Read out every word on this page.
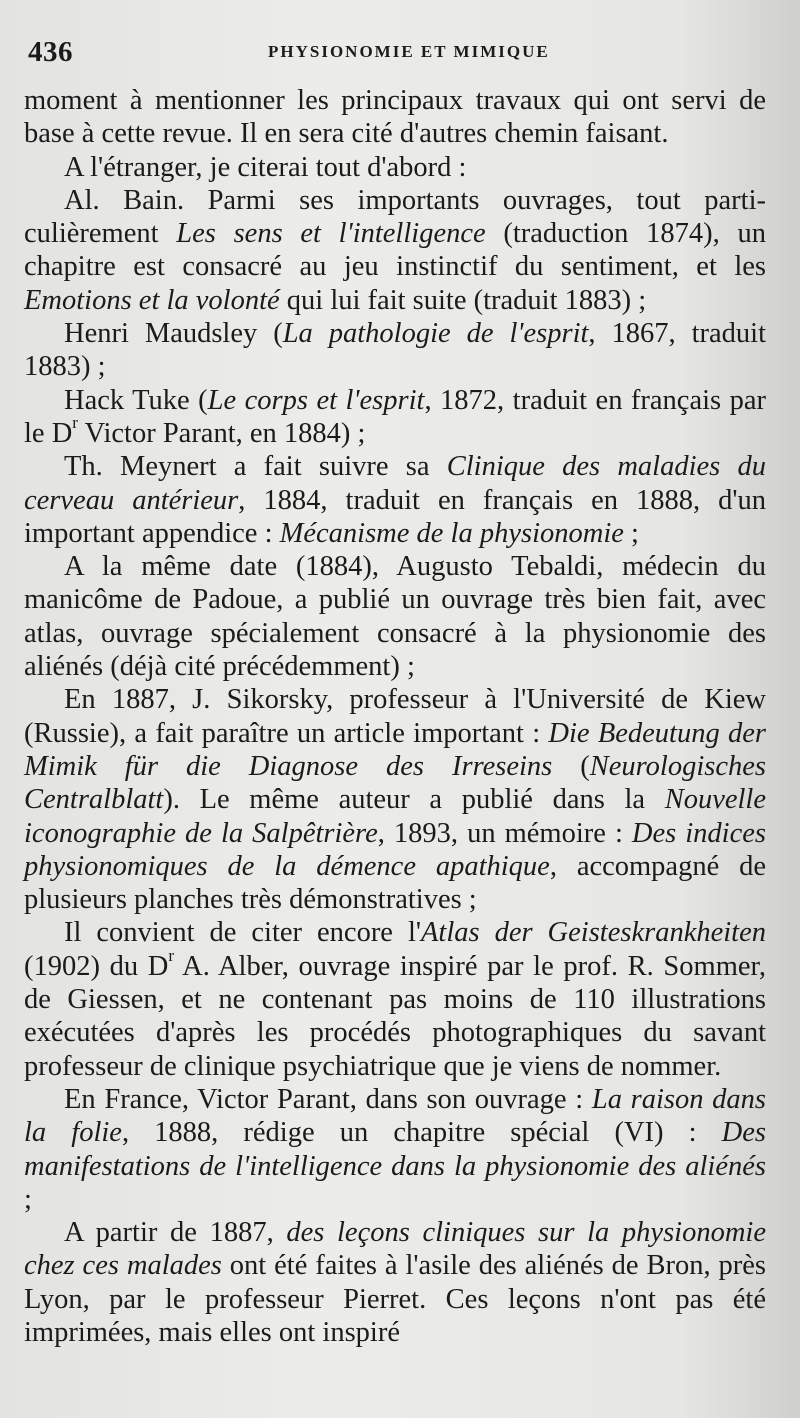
436	PHYSIONOMIE ET MIMIQUE

moment à mentionner les principaux travaux qui ont servi de base à cette revue. Il en sera cité d'autres chemin faisant.

A l'étranger, je citerai tout d'abord :

Al. Bain. Parmi ses importants ouvrages, tout particulièrement Les sens et l'intelligence (traduction 1874), un chapitre est consacré au jeu instinctif du sentiment, et les Emotions et la volonté qui lui fait suite (traduit 1883) ;

Henri Maudsley (La pathologie de l'esprit, 1867, traduit 1883) ;

Hack Tuke (Le corps et l'esprit, 1872, traduit en français par le $D^r$ Victor Parant, en 1884) ;

Th. Meynert a fait suivre sa Clinique des maladies du cerveau antérieur, 1884, traduit en français en 1888, d'un important appendice : Mécanisme de la physionomie ;

A la même date (1884), Augusto Tebaldi, médecin du manicôme de Padoue, a publié un ouvrage très bien fait, avec atlas, ouvrage spécialement consacré à la physionomie des aliénés (déjà cité précédemment) ;

En 1887, J. Sikorsky, professeur à l'Université de Kiew (Russie), a fait paraître un article important : Die Bedeutung der Mimik für die Diagnose des Irreseins (Neurologisches Centralblatt). Le même auteur a publié dans la Nouvelle iconographie de la Salpêtrière, 1893, un mémoire : Des indices physionomiques de la démence apathique, accompagné de plusieurs planches très démonstratives ;

Il convient de citer encore l'Atlas der Geisteskrankheiten (1902) du $D^r$ A. Alber, ouvrage inspiré par le prof. R. Sommer, de Giessen, et ne contenant pas moins de 110 illustrations exécutées d'après les procédés photographiques du savant professeur de clinique psychiatrique que je viens de nommer.

En France, Victor Parant, dans son ouvrage : La raison dans la folie, 1888, rédige un chapitre spécial (VI) : Des manifestations de l'intelligence dans la physionomie des aliénés ;

A partir de 1887, des leçons cliniques sur la physionomie chez ces malades ont été faites à l'asile des aliénés de Bron, près Lyon, par le professeur Pierret. Ces leçons n'ont pas été imprimées, mais elles ont inspiré
